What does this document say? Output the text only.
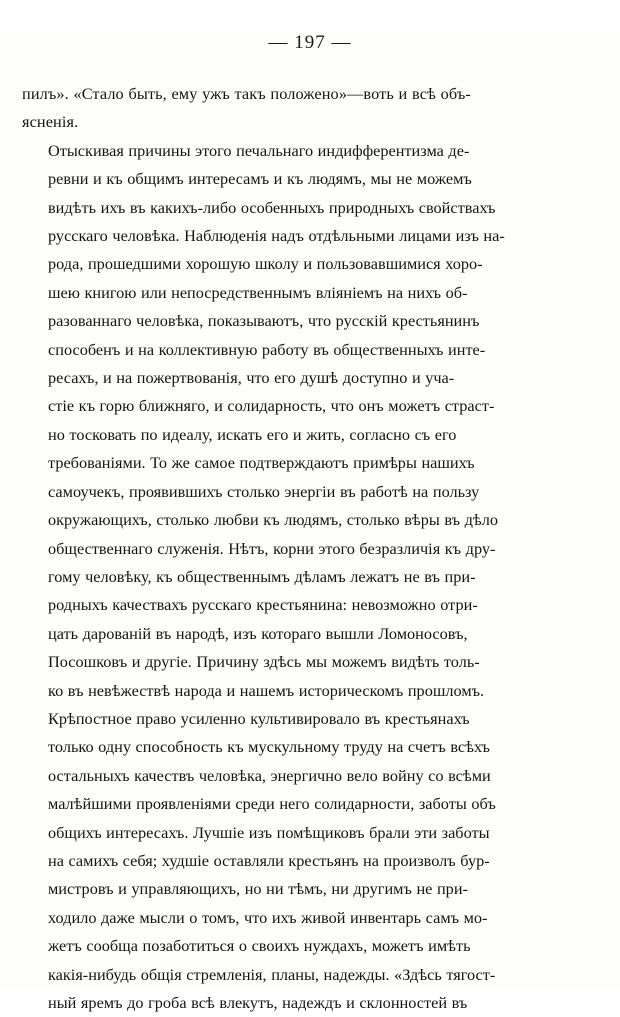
— 197 —

пилъ». «Стало быть, ему ужъ такъ положено»—воть и всѣ объ-
ясненія.

Отыскивая причины этого печальнаго индифферентизма де-
ревни и къ общимъ интересамъ и къ людямъ, мы не можемъ
видѣть ихъ въ какихъ-либо особенныхъ природныхъ свойствахъ
русскаго человѣка. Наблюденія надъ отдѣльными лицами изъ на-
рода, прошедшими хорошую школу и пользовавшимися хоро-
шею книгою или непосредственнымъ вліяніемъ на нихъ об-
разованнаго человѣка, показываютъ, что русскій крестьянинъ
способенъ и на коллективную работу въ общественныхъ инте-
ресахъ, и на пожертвованія, что его душѣ доступно и уча-
стіе къ горю ближняго, и солидарность, что онъ можетъ страст-
но тосковать по идеалу, искать его и жить, согласно съ его
требованіями. То же самое подтверждаютъ примѣры нашихъ
самоучекъ, проявившихъ столько энергіи въ работѣ на пользу
окружающихъ, столько любви къ людямъ, столько вѣры въ дѣло
общественнаго служенія. Нѣтъ, корни этого безразличія къ дру-
гому человѣку, къ общественнымъ дѣламъ лежатъ не въ при-
родныхъ качествахъ русскаго крестьянина: невозможно отри-
цать дарованій въ народѣ, изъ котораго вышли Ломоносовъ,
Посошковъ и другіе. Причину здѣсь мы можемъ видѣть толь-
ко въ невѣжествѣ народа и нашемъ историческомъ прошломъ.
Крѣпостное право усиленно культивировало въ крестьянахъ
только одну способность къ мускульному труду на счетъ всѣхъ
остальныхъ качествъ человѣка, энергично вело войну со всѣми
малѣйшими проявленіями среди него солидарности, заботы объ
общихъ интересахъ. Лучшіе изъ помѣщиковъ брали эти заботы
на самихъ себя; худшіе оставляли крестьянъ на произволъ бур-
мистровъ и управляющихъ, но ни тѣмъ, ни другимъ не при-
ходило даже мысли о томъ, что ихъ живой инвентарь самъ мо-
жетъ сообща позаботиться о своихъ нуждахъ, можетъ имѣть
какія-нибудь общія стремленія, планы, надежды. «Здѣсь тягост-
ный яремъ до гроба всѣ влекутъ, надеждъ и склонностей въ
